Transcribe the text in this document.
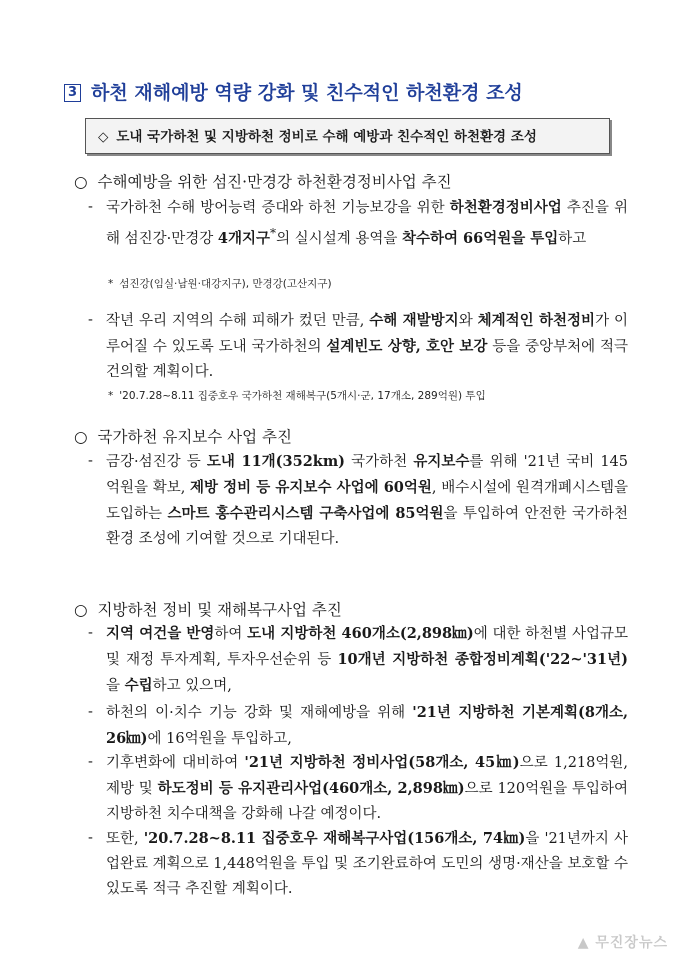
3 하천 재해예방 역량 강화 및 친수적인 하천환경 조성
◇ 도내 국가하천 및 지방하천 정비로 수해 예방과 친수적인 하천환경 조성
○ 수해예방을 위한 섬진·만경강 하천환경정비사업 추진
- 국가하천 수해 방어능력 증대와 하천 기능보강을 위한 하천환경정비사업 추진을 위해 섬진강·만경강 4개지구*의 실시설계 용역을 착수하여 66억원을 투입하고
* 섬진강(임실·남원·대강지구), 만경강(고산지구)
- 작년 우리 지역의 수해 피해가 컸던 만큼, 수해 재발방지와 체계적인 하천정비가 이루어질 수 있도록 도내 국가하천의 설계빈도 상향, 호안 보강 등을 중앙부처에 적극 건의할 계획이다.
* '20.7.28~8.11 집중호우 국가하천 재해복구(5개시·군, 17개소, 289억원) 투입
○ 국가하천 유지보수 사업 추진
- 금강·섬진강 등 도내 11개(352km) 국가하천 유지보수를 위해 '21년 국비 145억원을 확보, 제방 정비 등 유지보수 사업에 60억원, 배수시설에 원격개폐시스템을 도입하는 스마트 홍수관리시스템 구축사업에 85억원을 투입하여 안전한 국가하천 환경 조성에 기여할 것으로 기대된다.
○ 지방하천 정비 및 재해복구사업 추진
- 지역 여건을 반영하여 도내 지방하천 460개소(2,898㎞)에 대한 하천별 사업규모 및 재정 투자계획, 투자우선순위 등 10개년 지방하천 종합정비계획('22~'31년)을 수립하고 있으며,
- 하천의 이·치수 기능 강화 및 재해예방을 위해 '21년 지방하천 기본계획(8개소, 26㎞)에 16억원을 투입하고,
- 기후변화에 대비하여 '21년 지방하천 정비사업(58개소, 45㎞)으로 1,218억원, 제방 및 하도정비 등 유지관리사업(460개소, 2,898㎞)으로 120억원을 투입하여 지방하천 치수대책을 강화해 나갈 예정이다.
- 또한, '20.7.28~8.11 집중호우 재해복구사업(156개소, 74㎞)을 '21년까지 사업완료 계획으로 1,448억원을 투입 및 조기완료하여 도민의 생명·재산을 보호할 수 있도록 적극 추진할 계획이다.
▲ 무진장뉴스
